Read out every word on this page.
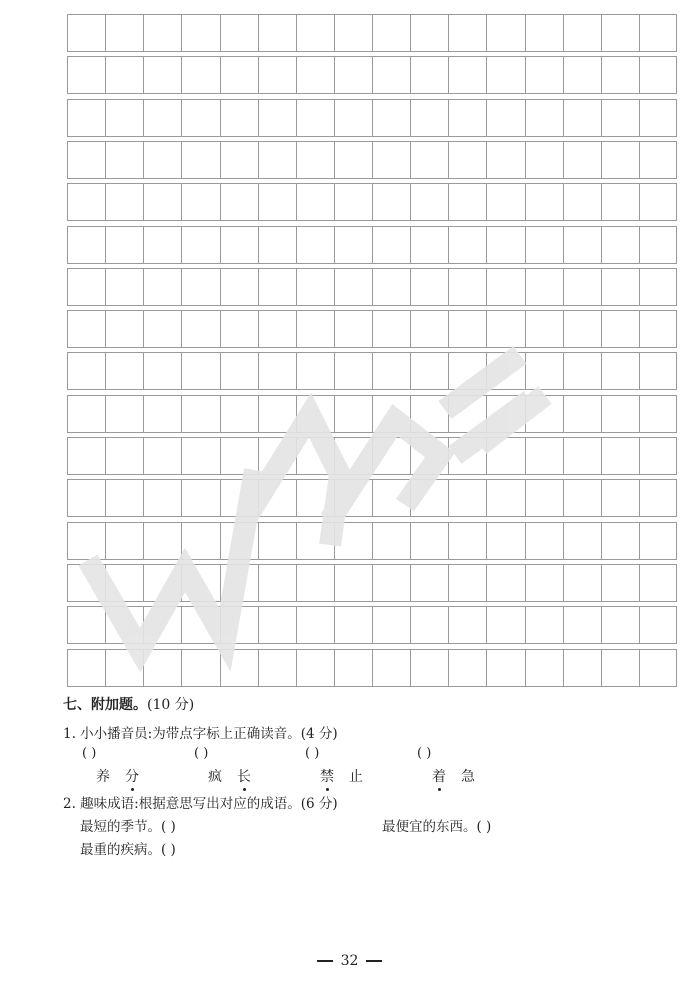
七、附加题。(10 分)
1. 小小播音员:为带点字标上正确读音。(4 分)
( )	( )	( )	( )
养 分	疯 长	禁 止	着 急
2. 趣味成语:根据意思写出对应的成语。(6 分)
最短的季节。( )	最便宜的东西。( )
最重的疾病。( )
32
